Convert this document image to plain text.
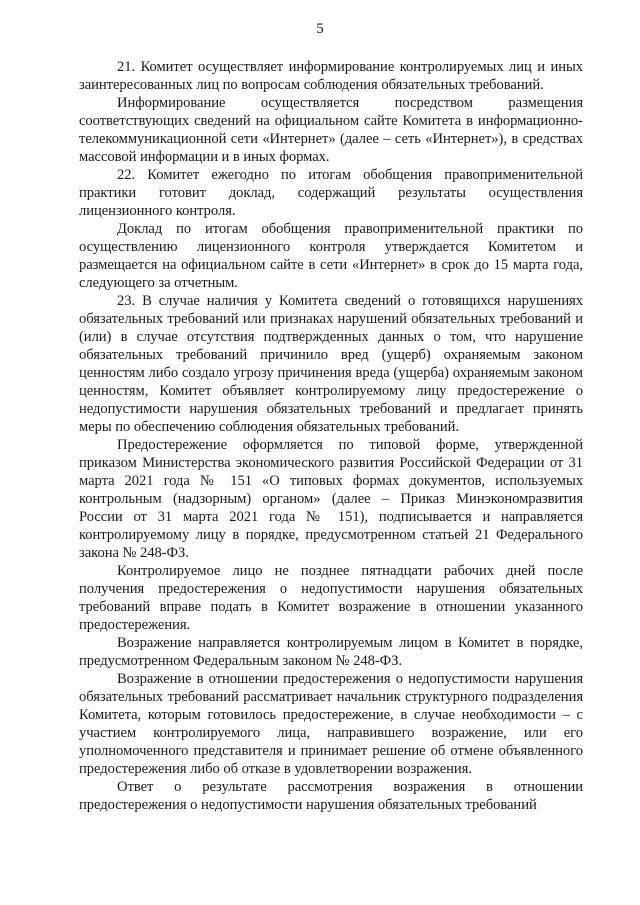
5

21. Комитет осуществляет информирование контролируемых лиц и иных заинтересованных лиц по вопросам соблюдения обязательных требований.

Информирование осуществляется посредством размещения соответствующих сведений на официальном сайте Комитета в информационно-телекоммуникационной сети «Интернет» (далее – сеть «Интернет»), в средствах массовой информации и в иных формах.

22. Комитет ежегодно по итогам обобщения правоприменительной практики готовит доклад, содержащий результаты осуществления лицензионного контроля.

Доклад по итогам обобщения правоприменительной практики по осуществлению лицензионного контроля утверждается Комитетом и размещается на официальном сайте в сети «Интернет» в срок до 15 марта года, следующего за отчетным.

23. В случае наличия у Комитета сведений о готовящихся нарушениях обязательных требований или признаках нарушений обязательных требований и (или) в случае отсутствия подтвержденных данных о том, что нарушение обязательных требований причинило вред (ущерб) охраняемым законом ценностям либо создало угрозу причинения вреда (ущерба) охраняемым законом ценностям, Комитет объявляет контролируемому лицу предостережение о недопустимости нарушения обязательных требований и предлагает принять меры по обеспечению соблюдения обязательных требований.

Предостережение оформляется по типовой форме, утвержденной приказом Министерства экономического развития Российской Федерации от 31 марта 2021 года № 151 «О типовых формах документов, используемых контрольным (надзорным) органом» (далее – Приказ Минэкономразвития России от 31 марта 2021 года № 151), подписывается и направляется контролируемому лицу в порядке, предусмотренном статьей 21 Федерального закона № 248-ФЗ.

Контролируемое лицо не позднее пятнадцати рабочих дней после получения предостережения о недопустимости нарушения обязательных требований вправе подать в Комитет возражение в отношении указанного предостережения.

Возражение направляется контролируемым лицом в Комитет в порядке, предусмотренном Федеральным законом № 248-ФЗ.

Возражение в отношении предостережения о недопустимости нарушения обязательных требований рассматривает начальник структурного подразделения Комитета, которым готовилось предостережение, в случае необходимости – с участием контролируемого лица, направившего возражение, или его уполномоченного представителя и принимает решение об отмене объявленного предостережения либо об отказе в удовлетворении возражения.

Ответ о результате рассмотрения возражения в отношении предостережения о недопустимости нарушения обязательных требований
